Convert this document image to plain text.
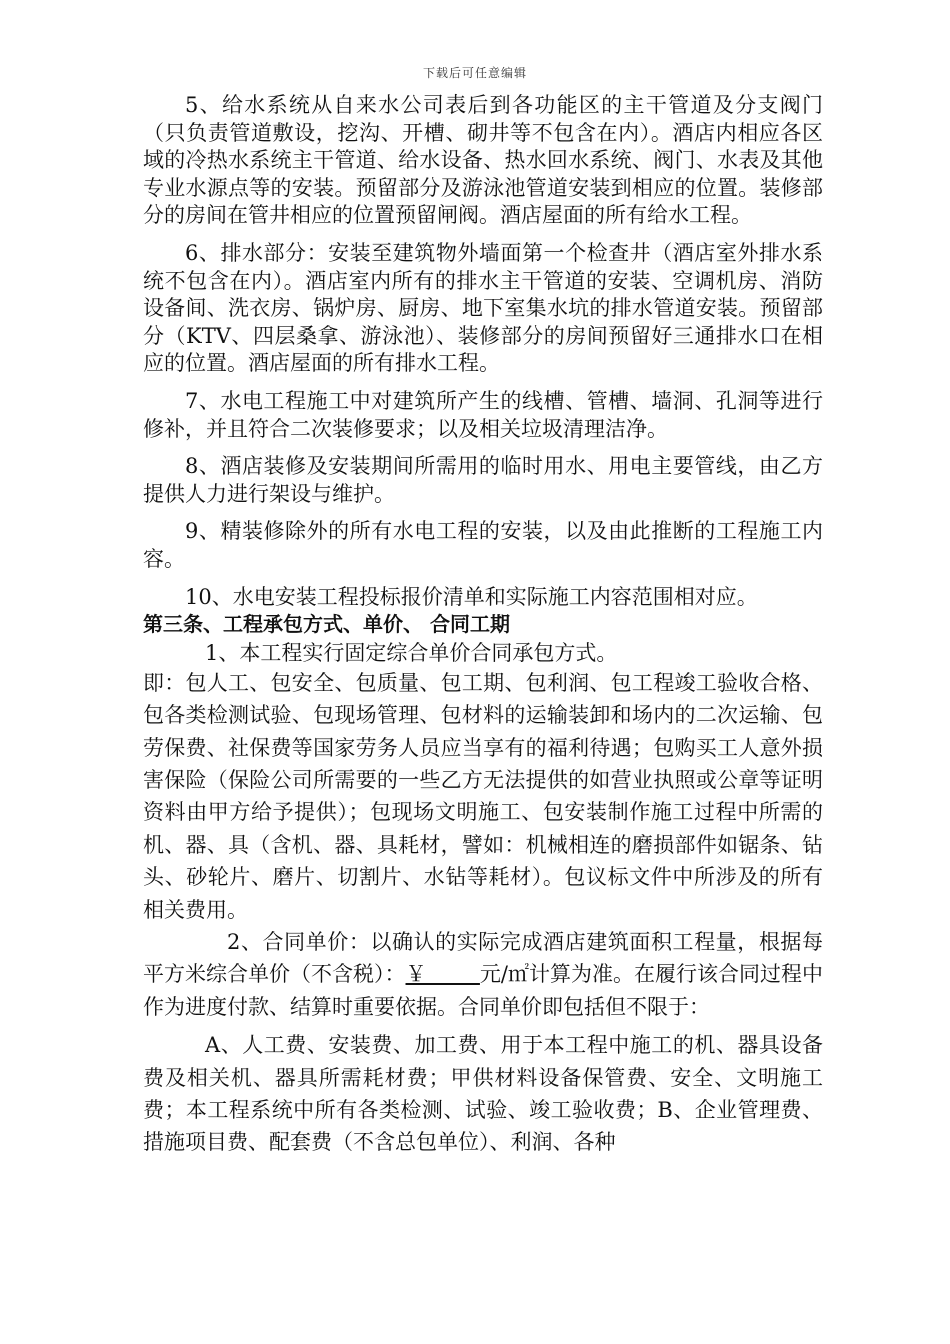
下载后可任意编辑

5、给水系统从自来水公司表后到各功能区的主干管道及分支阀门（只负责管道敷设，挖沟、开槽、砌井等不包含在内）。酒店内相应各区域的冷热水系统主干管道、给水设备、热水回水系统、阀门、水表及其他专业水源点等的安装。预留部分及游泳池管道安装到相应的位置。装修部分的房间在管井相应的位置预留闸阀。酒店屋面的所有给水工程。

6、排水部分：安装至建筑物外墙面第一个检查井（酒店室外排水系统不包含在内）。酒店室内所有的排水主干管道的安装、空调机房、消防设备间、洗衣房、锅炉房、厨房、地下室集水坑的排水管道安装。预留部分（KTV、四层桑拿、游泳池）、装修部分的房间预留好三通排水口在相应的位置。酒店屋面的所有排水工程。

7、水电工程施工中对建筑所产生的线槽、管槽、墙洞、孔洞等进行修补，并且符合二次装修要求；以及相关垃圾清理洁净。

8、酒店装修及安装期间所需用的临时用水、用电主要管线，由乙方提供人力进行架设与维护。

9、精装修除外的所有水电工程的安装，以及由此推断的工程施工内容。

10、水电安装工程投标报价清单和实际施工内容范围相对应。

第三条、工程承包方式、单价、 合同工期

1、本工程实行固定综合单价合同承包方式。

即：包人工、包安全、包质量、包工期、包利润、包工程竣工验收合格、包各类检测试验、包现场管理、包材料的运输装卸和场内的二次运输、包劳保费、社保费等国家劳务人员应当享有的福利待遇；包购买工人意外损害保险（保险公司所需要的一些乙方无法提供的如营业执照或公章等证明资料由甲方给予提供）；包现场文明施工、包安装制作施工过程中所需的机、器、具（含机、器、具耗材，譬如：机械相连的磨损部件如锯条、钻头、砂轮片、磨片、切割片、水钻等耗材）。包议标文件中所涉及的所有相关费用。

2、合同单价：以确认的实际完成酒店建筑面积工程量，根据每平方米综合单价（不含税）：￥        元/㎡计算为准。在履行该合同过程中作为进度付款、结算时重要依据。合同单价即包括但不限于：

A、人工费、安装费、加工费、用于本工程中施工的机、器具设备费及相关机、器具所需耗材费；甲供材料设备保管费、安全、文明施工费；本工程系统中所有各类检测、试验、竣工验收费；B、企业管理费、措施项目费、配套费（不含总包单位）、利润、各种
